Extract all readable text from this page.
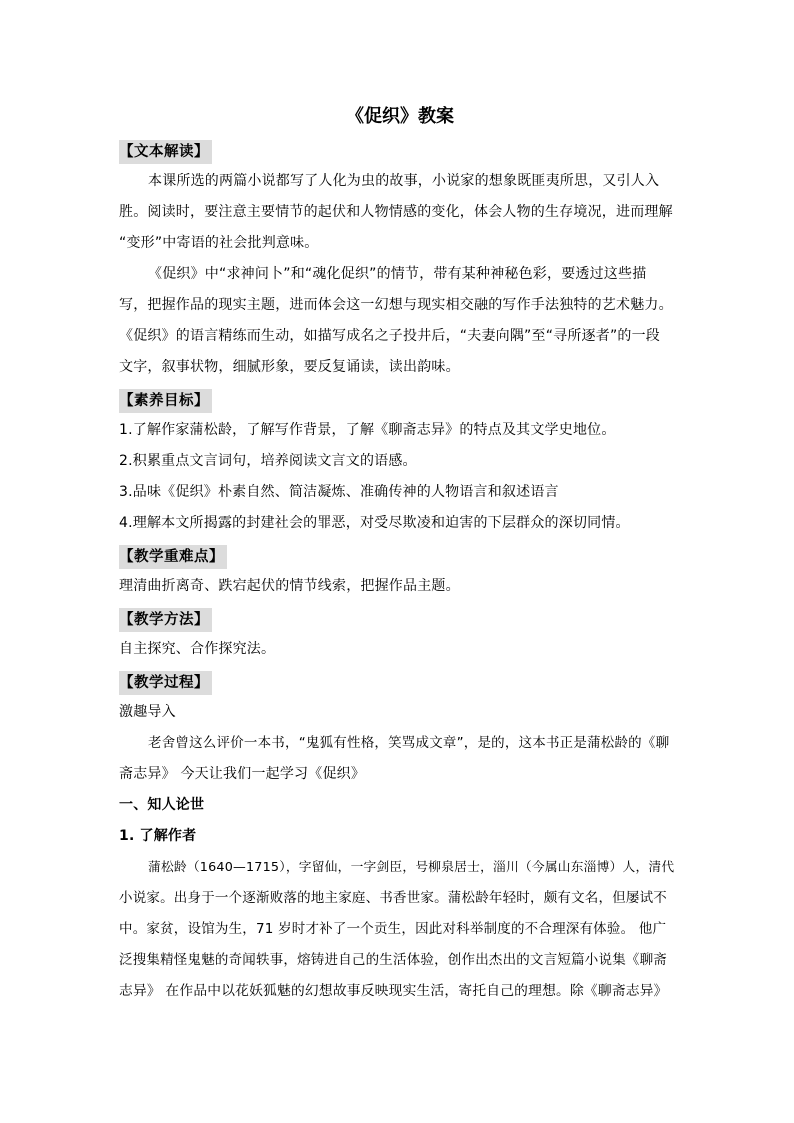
《促织》教案
【文本解读】

本课所选的两篇小说都写了人化为虫的故事，小说家的想象既匪夷所思，又引人入

胜。阅读时，要注意主要情节的起伏和人物情感的变化，体会人物的生存境况，进而理解

“变形”中寄语的社会批判意味。

《促织》中“求神问卜”和“魂化促织”的情节，带有某种神秘色彩，要透过这些描

写，把握作品的现实主题，进而体会这一幻想与现实相交融的写作手法独特的艺术魅力。

《促织》的语言精练而生动，如描写成名之子投井后，“夫妻向隅”至“寻所逐者”的一段

文字，叙事状物，细腻形象，要反复诵读，读出韵味。

【素养目标】

1.了解作家蒲松龄，了解写作背景，了解《聊斋志异》的特点及其文学史地位。

2.积累重点文言词句，培养阅读文言文的语感。

3.品味《促织》朴素自然、简洁凝炼、准确传神的人物语言和叙述语言

4.理解本文所揭露的封建社会的罪恶，对受尽欺凌和迫害的下层群众的深切同情。

【教学重难点】

理清曲折离奇、跌宕起伏的情节线索，把握作品主题。

【教学方法】

自主探究、合作探究法。

【教学过程】

激趣导入

老舍曾这么评价一本书，“鬼狐有性格，笑骂成文章”，是的，这本书正是蒲松龄的《聊

斋志异》 今天让我们一起学习《促织》

一、知人论世

1. 了解作者

蒲松龄（1640—1715），字留仙，一字剑臣，号柳泉居士，淄川（今属山东淄博）人，清代

小说家。出身于一个逐渐败落的地主家庭、书香世家。蒲松龄年轻时，颇有文名，但屡试不

中。家贫，设馆为生，71 岁时才补了一个贡生，因此对科举制度的不合理深有体验。 他广

泛搜集精怪鬼魅的奇闻轶事，熔铸进自己的生活体验，创作出杰出的文言短篇小说集《聊斋

志异》 在作品中以花妖狐魅的幻想故事反映现实生活，寄托自己的理想。除《聊斋志异》
